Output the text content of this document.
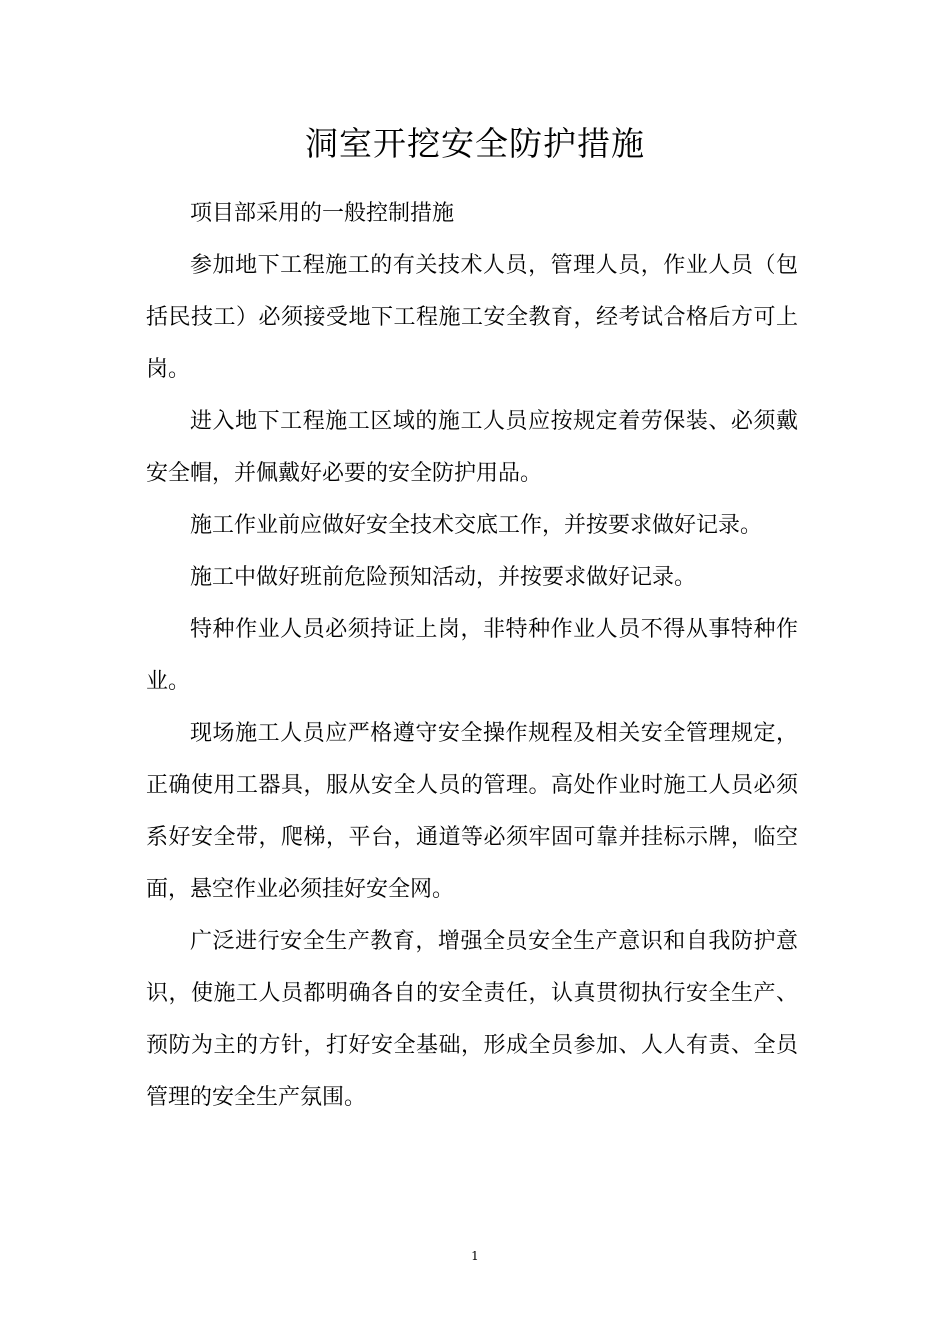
洞室开挖安全防护措施

项目部采用的一般控制措施

参加地下工程施工的有关技术人员，管理人员，作业人员（包括民技工）必须接受地下工程施工安全教育，经考试合格后方可上岗。

进入地下工程施工区域的施工人员应按规定着劳保装、必须戴安全帽，并佩戴好必要的安全防护用品。

施工作业前应做好安全技术交底工作，并按要求做好记录。

施工中做好班前危险预知活动，并按要求做好记录。

特种作业人员必须持证上岗，非特种作业人员不得从事特种作业。

现场施工人员应严格遵守安全操作规程及相关安全管理规定，正确使用工器具，服从安全人员的管理。高处作业时施工人员必须系好安全带，爬梯，平台，通道等必须牢固可靠并挂标示牌，临空面，悬空作业必须挂好安全网。

广泛进行安全生产教育，增强全员安全生产意识和自我防护意识，使施工人员都明确各自的安全责任，认真贯彻执行安全生产、预防为主的方针，打好安全基础，形成全员参加、人人有责、全员管理的安全生产氛围。

1
